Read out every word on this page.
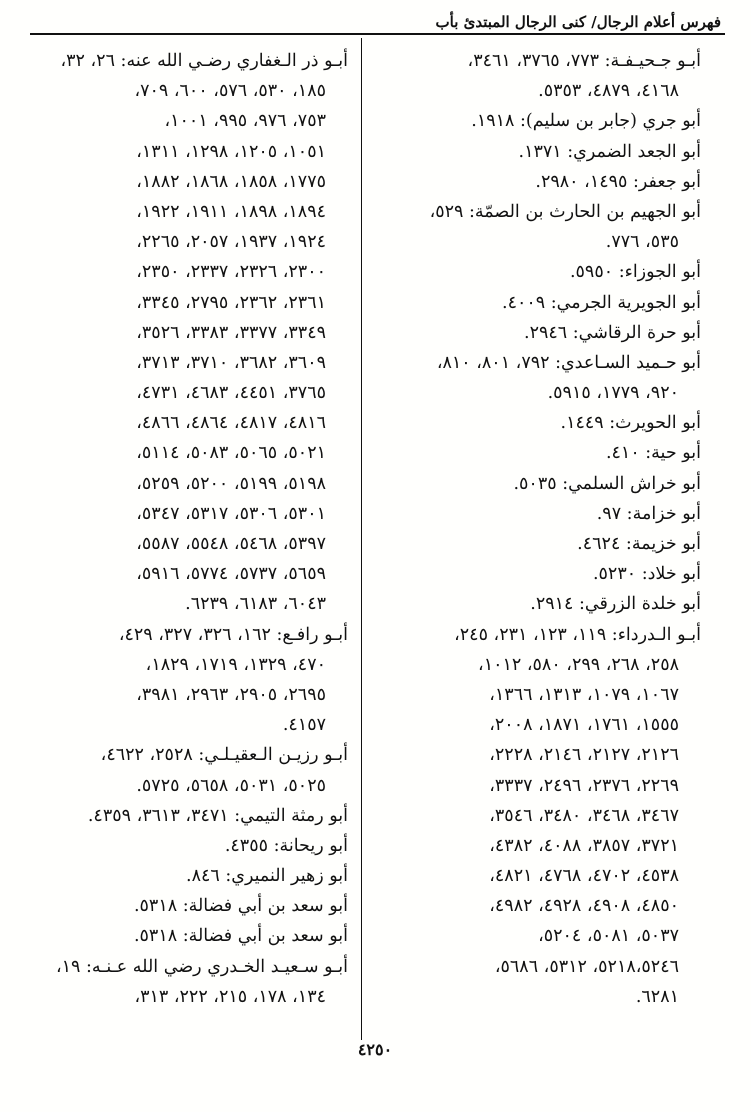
فهرس أعلام الرجال/ كنى الرجال المبتدئ بأب
أبـو جـحيـفـة: ٧٧٣، ٣٧٦٥، ٣٤٦١،
٤١٦٨، ٤٨٧٩، ٥٣٥٣.
أبو جري (جابر بن سليم): ١٩١٨.
أبو الجعد الضمري: ١٣٧١.
أبو جعفر: ١٤٩٥، ٢٩٨٠.
أبو الجهيم بن الحارث بن الصمّة: ٥٢٩،
٥٣٥، ٧٧٦.
أبو الجوزاء: ٥٩٥٠.
أبو الجويرية الجرمي: ٤٠٠٩.
أبو حرة الرقاشي: ٢٩٤٦.
أبو حـميد السـاعدي: ٧٩٢، ٨٠١، ٨١٠،
٩٢٠، ١٧٧٩، ٥٩١٥.
أبو الحويرث: ١٤٤٩.
أبو حية: ٤١٠.
أبو خراش السلمي: ٥٠٣٥.
أبو خزامة: ٩٧.
أبو خزيمة: ٤٦٢٤.
أبو خلاد: ٥٢٣٠.
أبو خلدة الزرقي: ٢٩١٤.
أبـو الـدرداء: ١١٩، ١٢٣، ٢٣١، ٢٤٥،
٢٥٨، ٢٦٨، ٢٩٩، ٥٨٠، ١٠١٢،
١٠٦٧، ١٠٧٩، ١٣١٣، ١٣٦٦،
١٥٥٥، ١٧٦١، ١٨٧١، ٢٠٠٨،
٢١٢٦، ٢١٢٧، ٢١٤٦، ٢٢٢٨،
٢٢٦٩، ٢٣٧٦، ٢٤٩٦، ٣٣٣٧،
٣٤٦٧، ٣٤٦٨، ٣٤٨٠، ٣٥٤٦،
٣٧٢١، ٣٨٥٧، ٤٠٨٨، ٤٣٨٢،
٤٥٣٨، ٤٧٠٢، ٤٧٦٨، ٤٨٢١،
٤٨٥٠، ٤٩٠٨، ٤٩٢٨، ٤٩٨٢،
٥٠٣٧، ٥٠٨١، ٥٢٠٤،
٥٢١٨،٥٢٤٦، ٥٣١٢، ٥٦٨٦،
٦٢٨١.
أبـو ذر الـغفاري رضـي الله عنه: ٢٦، ٣٢،
١٨٥، ٥٣٠، ٥٧٦، ٦٠٠، ٧٠٩،
٧٥٣، ٩٧٦، ٩٩٥، ١٠٠١،
١٠٥١، ١٢٠٥، ١٢٩٨، ١٣١١،
١٧٧٥، ١٨٥٨، ١٨٦٨، ١٨٨٢،
١٨٩٤، ١٨٩٨، ١٩١١، ١٩٢٢،
١٩٢٤، ١٩٣٧، ٢٠٥٧، ٢٢٦٥،
٢٣٠٠، ٢٣٢٦، ٢٣٣٧، ٢٣٥٠،
٢٣٦١، ٢٣٦٢، ٢٧٩٥، ٣٣٤٥،
٣٣٤٩، ٣٣٧٧، ٣٣٨٣، ٣٥٢٦،
٣٦٠٩، ٣٦٨٢، ٣٧١٠، ٣٧١٣،
٣٧٦٥، ٤٤٥١، ٤٦٨٣، ٤٧٣١،
٤٨١٦، ٤٨١٧، ٤٨٦٤، ٤٨٦٦،
٥٠٢١، ٥٠٦٥، ٥٠٨٣، ٥١١٤،
٥١٩٨، ٥١٩٩، ٥٢٠٠، ٥٢٥٩،
٥٣٠١، ٥٣٠٦، ٥٣١٧، ٥٣٤٧،
٥٣٩٧، ٥٤٦٨، ٥٥٤٨، ٥٥٨٧،
٥٦٥٩، ٥٧٣٧، ٥٧٧٤، ٥٩١٦،
٦٠٤٣، ٦١٨٣، ٦٢٣٩.
أبـو رافـع: ١٦٢، ٣٢٦، ٣٢٧، ٤٢٩،
٤٧٠، ١٣٢٩، ١٧١٩، ١٨٢٩،
٢٦٩٥، ٢٩٠٥، ٢٩٦٣، ٣٩٨١،
٤١٥٧.
أبـو رزيـن الـعقيـلـي: ٢٥٢٨، ٤٦٢٢،
٥٠٢٥، ٥٠٣١، ٥٦٥٨، ٥٧٢٥.
أبو رمثة التيمي: ٣٤٧١، ٣٦١٣، ٤٣٥٩.
أبو ريحانة: ٤٣٥٥.
أبو زهير النميري: ٨٤٦.
أبو سعد بن أبي فضالة: ٥٣١٨.
أبو سعد بن أبي فضالة: ٥٣١٨.
أبـو سـعيـد الخـدري رضي الله عـنـه: ١٩،
١٣٤، ١٧٨، ٢١٥، ٢٢٢، ٣١٣،
٤٢٥٠
